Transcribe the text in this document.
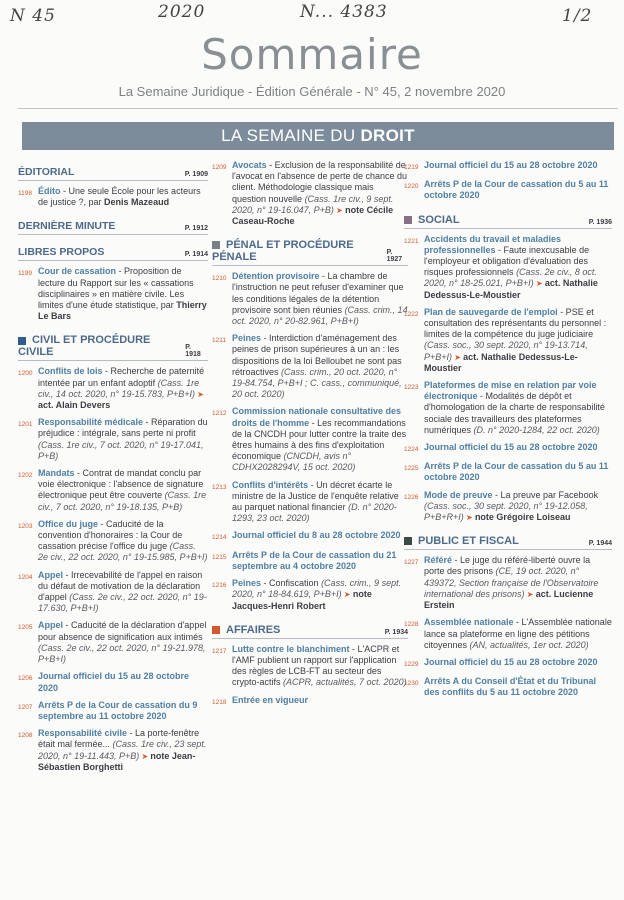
N 45	2020	N... 4383	1/2
Sommaire
La Semaine Juridique - Édition Générale - N° 45, 2 novembre 2020
LA SEMAINE DU DROIT
ÉDITORIAL	P. 1909
1198 Édito - Une seule École pour les acteurs de justice ?, par Denis Mazeaud
DERNIÈRE MINUTE	P. 1912
LIBRES PROPOS	P. 1914
1199 Cour de cassation - Proposition de lecture du Rapport sur les « cassations disciplinaires » en matière civile. Les limites d'une étude statistique, par Thierry Le Bars
CIVIL ET PROCÉDURE CIVILE	P. 1918
1200 Conflits de lois - Recherche de paternité intentée par un enfant adoptif (Cass. 1re civ., 14 oct. 2020, n° 19-15.783, P+B+I) ➤ act. Alain Devers
1201 Responsabilité médicale - Réparation du préjudice : intégrale, sans perte ni profit (Cass. 1re civ., 7 oct. 2020, n° 19-17.041, P+B)
1202 Mandats - Contrat de mandat conclu par voie électronique : l'absence de signature électronique peut être couverte (Cass. 1re civ., 7 oct. 2020, n° 19-18.135, P+B)
1203 Office du juge - Caducité de la convention d'honoraires : la Cour de cassation précise l'office du juge (Cass. 2e civ., 22 oct. 2020, n° 19-15.985, P+B+I)
1204 Appel - Irrecevabilité de l'appel en raison du défaut de motivation de la déclaration d'appel (Cass. 2e civ., 22 oct. 2020, n° 19-17.630, P+B+I)
1205 Appel - Caducité de la déclaration d'appel pour absence de signification aux intimés (Cass. 2e civ., 22 oct. 2020, n° 19-21.978, P+B+I)
1206 Journal officiel du 15 au 28 octobre 2020
1207 Arrêts P de la Cour de cassation du 9 septembre au 11 octobre 2020
1208 Responsabilité civile - La porte-fenêtre était mal fermée... (Cass. 1re civ., 23 sept. 2020, n° 19-11.443, P+B) ➤ note Jean-Sébastien Borghetti
1209 Avocats - Exclusion de la responsabilité de l'avocat en l'absence de perte de chance du client. Méthodologie classique mais question nouvelle (Cass. 1re civ., 9 sept. 2020, n° 19-16.047, P+B) ➤ note Cécile Caseau-Roche
PÉNAL ET PROCÉDURE PÉNALE	P. 1927
1210 Détention provisoire - La chambre de l'instruction ne peut refuser d'examiner que les conditions légales de la détention provisoire sont bien réunies (Cass. crim., 14 oct. 2020, n° 20-82.961, P+B+I)
1211 Peines - Interdiction d'aménagement des peines de prison supérieures à un an : les dispositions de la loi Belloubet ne sont pas rétroactives (Cass. crim., 20 oct. 2020, n° 19-84.754, P+B+I ; C. cass., communiqué, 20 oct. 2020)
1212 Commission nationale consultative des droits de l'homme - Les recommandations de la CNCDH pour lutter contre la traite des êtres humains à des fins d'exploitation économique (CNCDH, avis n° CDHX2028294V, 15 oct. 2020)
1213 Conflits d'intérêts - Un décret écarte le ministre de la Justice de l'enquête relative au parquet national financier (D. n° 2020-1293, 23 oct. 2020)
1214 Journal officiel du 8 au 28 octobre 2020
1215 Arrêts P de la Cour de cassation du 21 septembre au 4 octobre 2020
1216 Peines - Confiscation (Cass. crim., 9 sept. 2020, n° 18-84.619, P+B+I) ➤ note Jacques-Henri Robert
AFFAIRES	P. 1934
1217 Lutte contre le blanchiment - L'ACPR et l'AMF publient un rapport sur l'application des règles de LCB-FT au secteur des crypto-actifs (ACPR, actualités, 7 oct. 2020)
1218 Entrée en vigueur
1219 Journal officiel du 15 au 28 octobre 2020
1220 Arrêts P de la Cour de cassation du 5 au 11 octobre 2020
SOCIAL	P. 1936
1221 Accidents du travail et maladies professionnelles - Faute inexcusable de l'employeur et obligation d'évaluation des risques professionnels (Cass. 2e civ., 8 oct. 2020, n° 18-25.021, P+B+I) ➤ act. Nathalie Dedessus-Le-Moustier
1222 Plan de sauvegarde de l'emploi - PSE et consultation des représentants du personnel : limites de la compétence du juge judiciaire (Cass. soc., 30 sept. 2020, n° 19-13.714, P+B+I) ➤ act. Nathalie Dedessus-Le-Moustier
1223 Plateformes de mise en relation par voie électronique - Modalités de dépôt et d'homologation de la charte de responsabilité sociale des travailleurs des plateformes numériques (D. n° 2020-1284, 22 oct. 2020)
1224 Journal officiel du 15 au 28 octobre 2020
1225 Arrêts P de la Cour de cassation du 5 au 11 octobre 2020
1226 Mode de preuve - La preuve par Facebook (Cass. soc., 30 sept. 2020, n° 19-12.058, P+B+R+I) ➤ note Grégoire Loiseau
PUBLIC ET FISCAL	P. 1944
1227 Référé - Le juge du référé-liberté ouvre la porte des prisons (CE, 19 oct. 2020, n° 439372, Section française de l'Observatoire international des prisons) ➤ act. Lucienne Erstein
1228 Assemblée nationale - L'Assemblée nationale lance sa plateforme en ligne des pétitions citoyennes (AN, actualités, 1er oct. 2020)
1229 Journal officiel du 15 au 28 octobre 2020
1230 Arrêts A du Conseil d'État et du Tribunal des conflits du 5 au 11 octobre 2020
